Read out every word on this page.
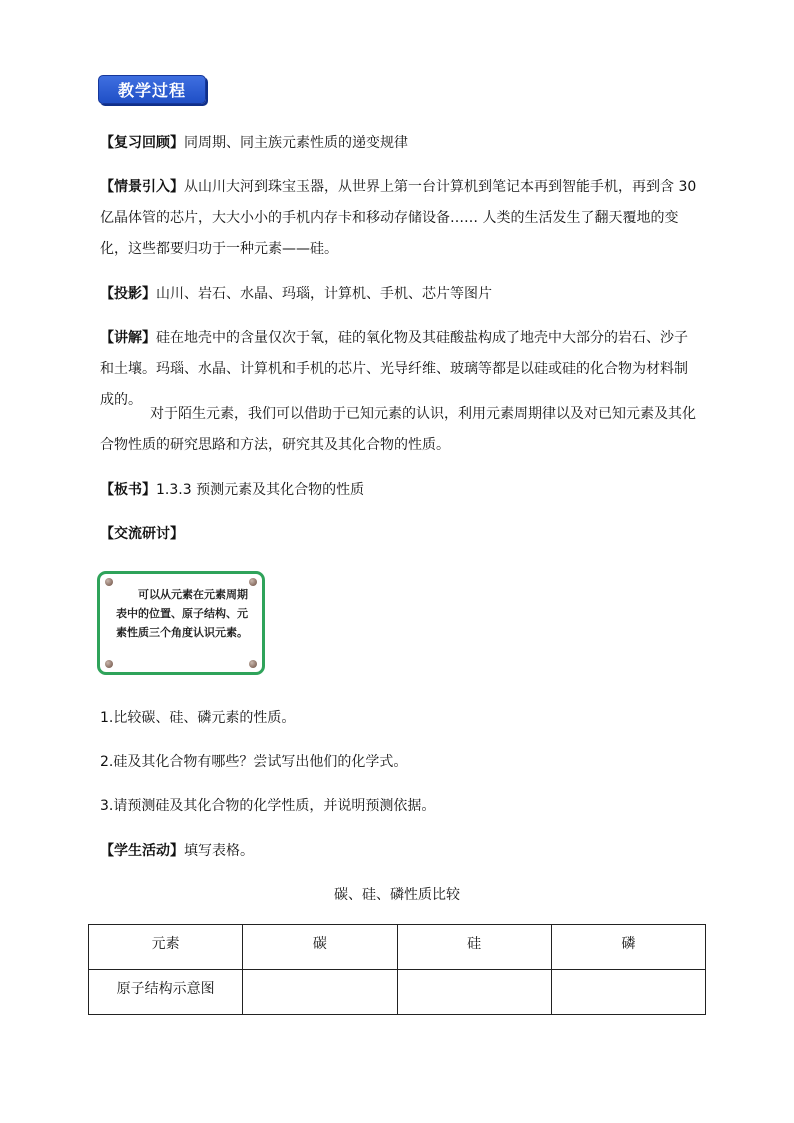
教学过程

【复习回顾】同周期、同主族元素性质的递变规律

【情景引入】从山川大河到珠宝玉器，从世界上第一台计算机到笔记本再到智能手机，再到含 30 亿晶体管的芯片，大大小小的手机内存卡和移动存储设备…… 人类的生活发生了翻天覆地的变化，这些都要归功于一种元素——硅。

【投影】山川、岩石、水晶、玛瑙，计算机、手机、芯片等图片

【讲解】硅在地壳中的含量仅次于氧，硅的氧化物及其硅酸盐构成了地壳中大部分的岩石、沙子和土壤。玛瑙、水晶、计算机和手机的芯片、光导纤维、玻璃等都是以硅或硅的化合物为材料制成的。

对于陌生元素，我们可以借助于已知元素的认识，利用元素周期律以及对已知元素及其化合物性质的研究思路和方法，研究其及其化合物的性质。

【板书】1.3.3 预测元素及其化合物的性质

【交流研讨】

可以从元素在元素周期表中的位置、原子结构、元素性质三个角度认识元素。

1.比较碳、硅、磷元素的性质。

2.硅及其化合物有哪些？尝试写出他们的化学式。

3.请预测硅及其化合物的化学性质，并说明预测依据。

【学生活动】填写表格。

碳、硅、磷性质比较
元素	碳	硅	磷
原子结构示意图			
